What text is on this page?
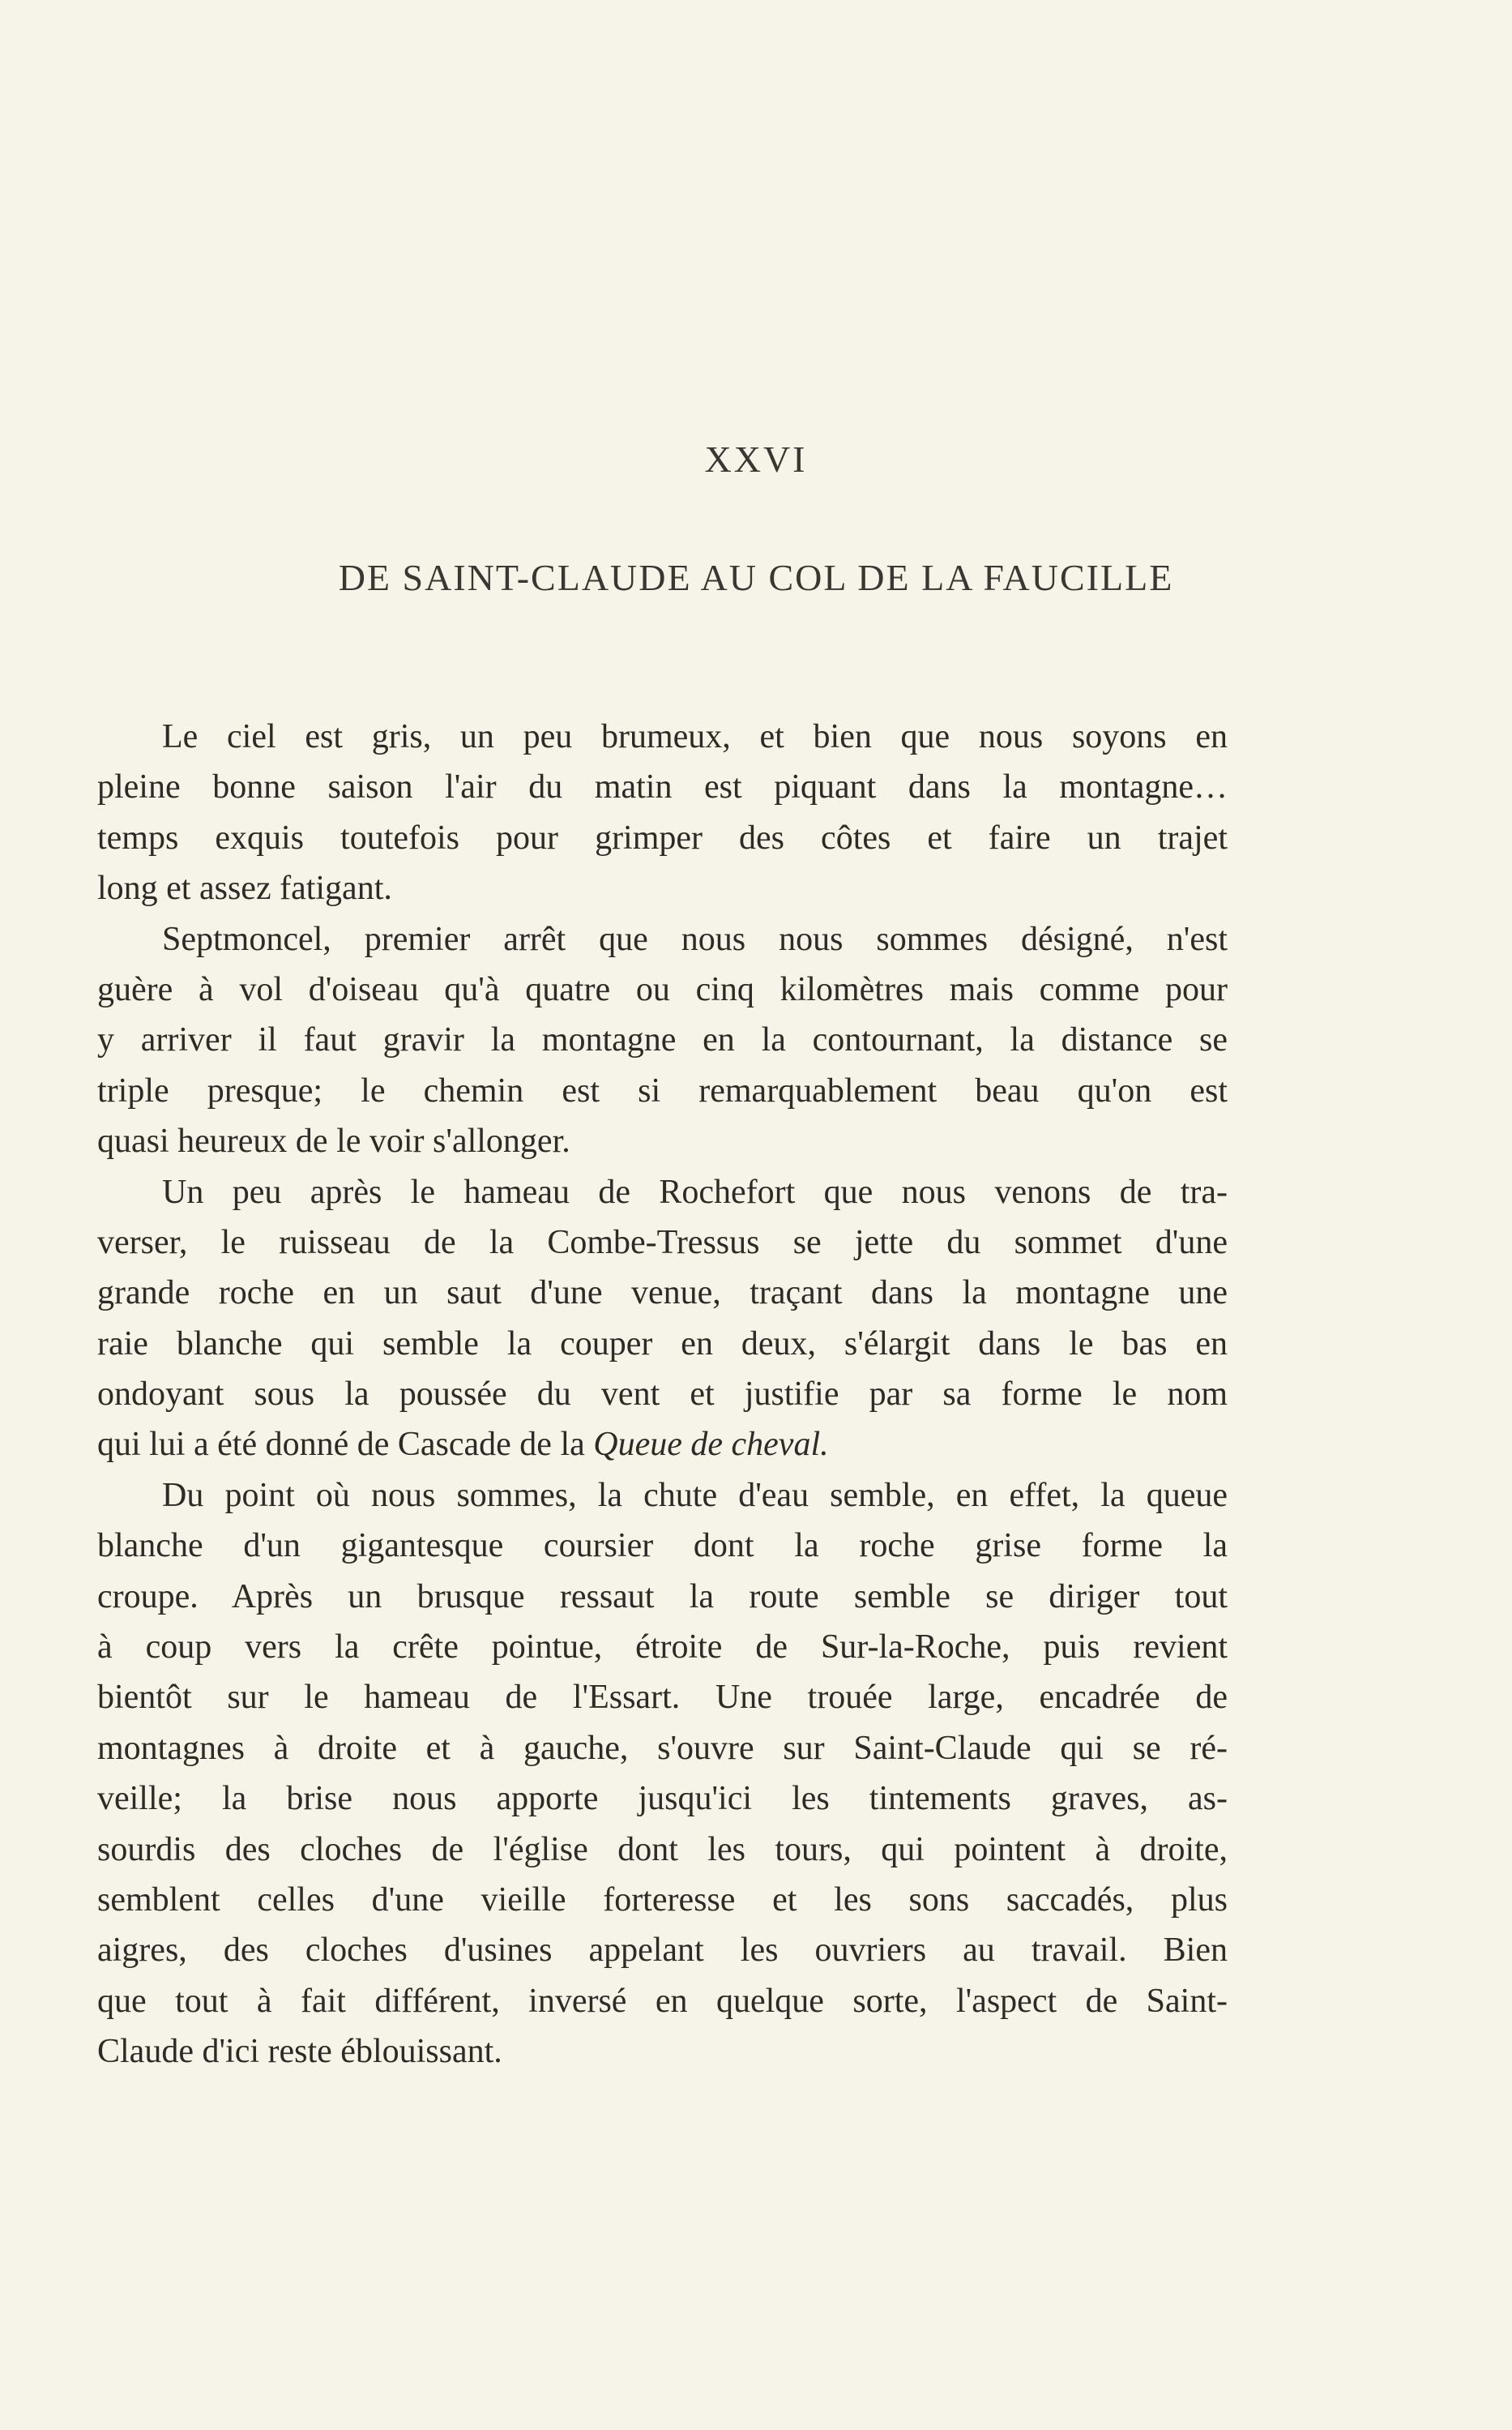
XXVI
DE SAINT-CLAUDE AU COL DE LA FAUCILLE
Le ciel est gris, un peu brumeux, et bien que nous soyons en
pleine bonne saison l'air du matin est piquant dans la montagne…
temps exquis toutefois pour grimper des côtes et faire un trajet
long et assez fatigant.
Septmoncel, premier arrêt que nous nous sommes désigné, n'est
guère à vol d'oiseau qu'à quatre ou cinq kilomètres mais comme pour
y arriver il faut gravir la montagne en la contournant, la distance se
triple presque; le chemin est si remarquablement beau qu'on est
quasi heureux de le voir s'allonger.
Un peu après le hameau de Rochefort que nous venons de tra-
verser, le ruisseau de la Combe-Tressus se jette du sommet d'une
grande roche en un saut d'une venue, traçant dans la montagne une
raie blanche qui semble la couper en deux, s'élargit dans le bas en
ondoyant sous la poussée du vent et justifie par sa forme le nom
qui lui a été donné de Cascade de la Queue de cheval.
Du point où nous sommes, la chute d'eau semble, en effet, la queue
blanche d'un gigantesque coursier dont la roche grise forme la
croupe. Après un brusque ressaut la route semble se diriger tout
à coup vers la crête pointue, étroite de Sur-la-Roche, puis revient
bientôt sur le hameau de l'Essart. Une trouée large, encadrée de
montagnes à droite et à gauche, s'ouvre sur Saint-Claude qui se ré-
veille; la brise nous apporte jusqu'ici les tintements graves, as-
sourdis des cloches de l'église dont les tours, qui pointent à droite,
semblent celles d'une vieille forteresse et les sons saccadés, plus
aigres, des cloches d'usines appelant les ouvriers au travail. Bien
que tout à fait différent, inversé en quelque sorte, l'aspect de Saint-
Claude d'ici reste éblouissant.
